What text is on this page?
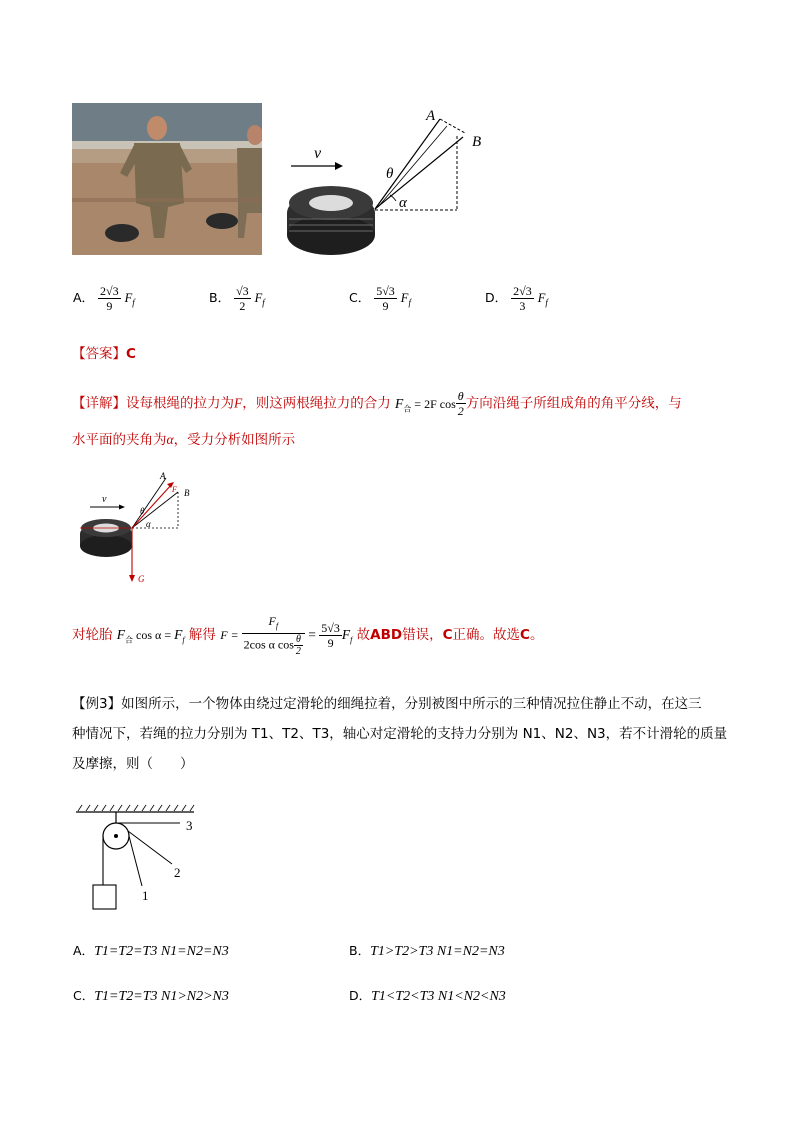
v
A
B
θ
α
A． $\frac{2√3}{9} F_f$	B． $\frac{√3}{2} F_f$	C． $\frac{5√3}{9} F_f$	D． $\frac{2√3}{3} F_f$
【答案】C
【详解】设每根绳的拉力为F，则这两根绳拉力的合力 $F_合 = 2F$ $\cos \frac{\theta}{2}$ 方向沿绳子所组成角的角平分线，与
水平面的夹角为α，受力分析如图所示
v
A
F B
θ
α
G
对轮胎 $F_合$ $\cos \alpha = F_f$ 解得 $F = \frac{F_f}{2\cos \alpha \cos \frac{\theta}{2}} = \frac{5√3}{9} F_f$ 故ABD错误，C正确。故选C。
【例3】如图所示，一个物体由绕过定滑轮的细绳拉着，分别被图中所示的三种情况拉住静止不动，在这三
种情况下，若绳的拉力分别为 T1、T2、T3，轴心对定滑轮的支持力分别为 N1、N2、N3，若不计滑轮的质量
及摩擦，则（　　）
1
2
3
A．T1=T2=T3 N1=N2=N3	B．T1>T2>T3 N1=N2=N3
C．T1=T2=T3 N1>N2>N3	D．T1<T2<T3 N1<N2<N3
